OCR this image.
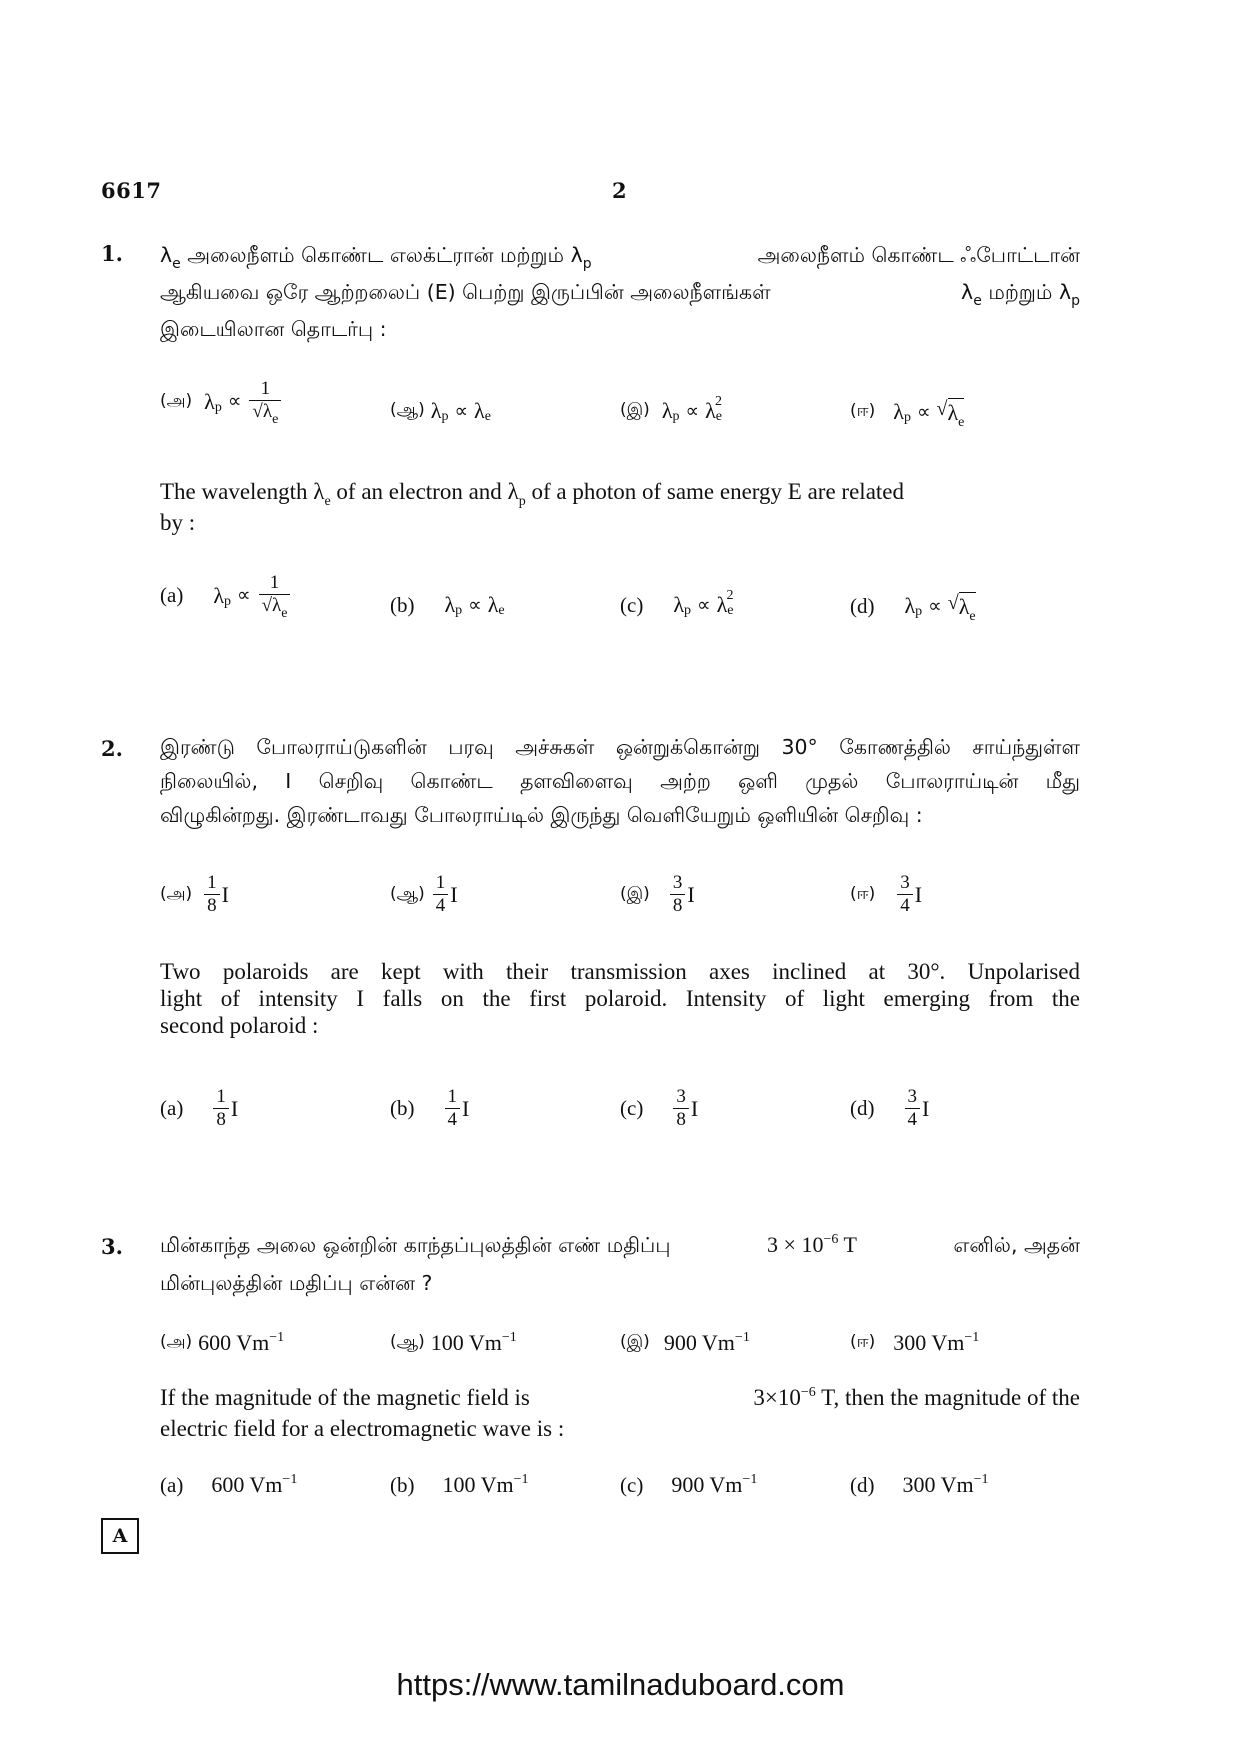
6617	2
1. $\lambda_e$ அலைநீளம் கொண்ட எலக்ட்ரான் மற்றும் $\lambda_p$	அலைநீளம் கொண்ட ஃபோட்டான்
ஆகியவை ஒரே ஆற்றலைப் (E) பெற்று இருப்பின் அலைநீளங்கள்	$\lambda_e$ மற்றும் $\lambda_p$
இடையிலான தொடர்பு :
(அ) λ $p \propto \frac{1}{√\lambda_e}$	(ஆ) λ p ∝ λ e	(இ) λ p ∝ λ e
2	(ஈ) λ p ∝ √ $\lambda_e$
The wavelength $\lambda_e$ of an electron and $\lambda_p$ of a photon of same energy E are related
by :
(a) λ $p \propto \frac{1}{√\lambda_e}$	(b) λ p ∝ λ e	(c) λ p ∝ λ e
2	(d) λ p ∝ √ $\lambda_e$
2. இரண்டு போலராய்டுகளின் பரவு அச்சுகள் ஒன்றுக்கொன்று 30° கோணத்தில் சாய்ந்துள்ள
நிலையில், I செறிவு கொண்ட தளவிளைவு அற்ற ஒளி முதல் போலராய்டின் மீது
விழுகின்றது. இரண்டாவது போலராய்டில் இருந்து வெளியேறும் ஒளியின் செறிவு :
(அ) $\frac{1}{8}$ I	(ஆ) $\frac{1}{4}$ I	(இ) $\frac{3}{8}$ I	(ஈ) $\frac{3}{4}$ I
Two polaroids are kept with their transmission axes inclined at 30°. Unpolarised
light of intensity I falls on the first polaroid. Intensity of light emerging from the
second polaroid :
$(a) \frac{1}{8}$ I	$(b) \frac{1}{4}$ I	$(c) \frac{3}{8}$ I	$(d) \frac{3}{4}$ I
3. மின்காந்த அலை ஒன்றின் காந்தப்புலத்தின் எண் மதிப்பு	$3 \times 10^{-6}$ T	எனில், அதன்
மின்புலத்தின் மதிப்பு என்ன ?
(அ) 600 $Vm^{-1}$	(ஆ) 100 $Vm^{-1}$	(இ) 900 $Vm^{-1}$	(ஈ) 300 $Vm^{-1}$
If the magnitude of the magnetic field is	$3\times 10^{-6}$ T, then the magnitude of the
electric field for a electromagnetic wave is :
(a) 600 $Vm^{-1}$	(b) 100 $Vm^{-1}$	(c) 900 $Vm^{-1}$	(d) 300 $Vm^{-1}$
A
https://www.tamilnaduboard.com
